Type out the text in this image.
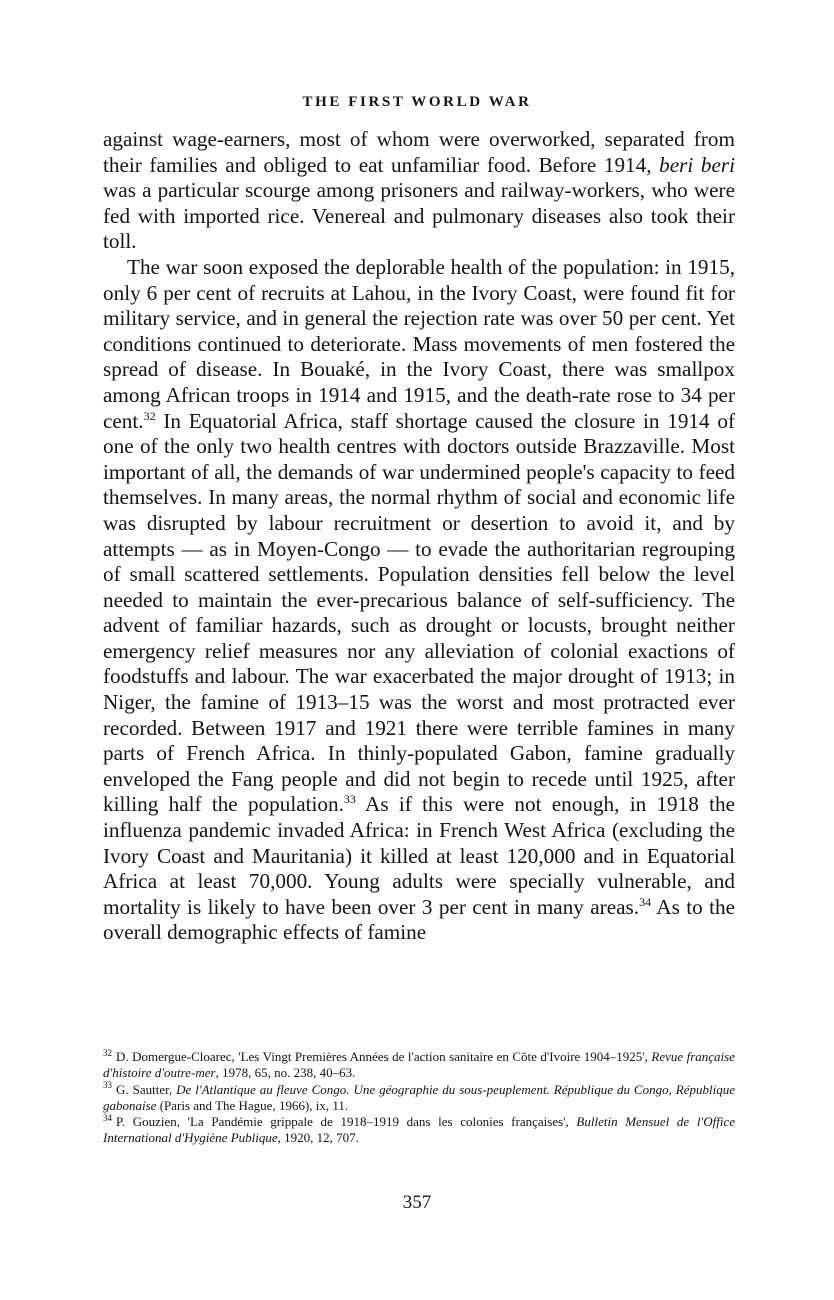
THE FIRST WORLD WAR

against wage-earners, most of whom were overworked, separated from their families and obliged to eat unfamiliar food. Before 1914, beri beri was a particular scourge among prisoners and railway-workers, who were fed with imported rice. Venereal and pulmonary diseases also took their toll.

The war soon exposed the deplorable health of the population: in 1915, only 6 per cent of recruits at Lahou, in the Ivory Coast, were found fit for military service, and in general the rejection rate was over 50 per cent. Yet conditions continued to deteriorate. Mass movements of men fostered the spread of disease. In Bouaké, in the Ivory Coast, there was smallpox among African troops in 1914 and 1915, and the death-rate rose to 34 per cent.$^{32}$ In Equatorial Africa, staff shortage caused the closure in 1914 of one of the only two health centres with doctors outside Brazzaville. Most important of all, the demands of war undermined people's capacity to feed themselves. In many areas, the normal rhythm of social and economic life was disrupted by labour recruitment or desertion to avoid it, and by attempts — as in Moyen-Congo — to evade the authoritarian regrouping of small scattered settlements. Population densities fell below the level needed to maintain the ever-precarious balance of self-sufficiency. The advent of familiar hazards, such as drought or locusts, brought neither emergency relief measures nor any alleviation of colonial exactions of foodstuffs and labour. The war exacerbated the major drought of 1913; in Niger, the famine of 1913–15 was the worst and most protracted ever recorded. Between 1917 and 1921 there were terrible famines in many parts of French Africa. In thinly-populated Gabon, famine gradually enveloped the Fang people and did not begin to recede until 1925, after killing half the population.$^{33}$ As if this were not enough, in 1918 the influenza pandemic invaded Africa: in French West Africa (excluding the Ivory Coast and Mauritania) it killed at least 120,000 and in Equatorial Africa at least 70,000. Young adults were specially vulnerable, and mortality is likely to have been over 3 per cent in many areas.$^{34}$ As to the overall demographic effects of famine

$^{32}$ D. Domergue-Cloarec, 'Les Vingt Premières Années de l'action sanitaire en Côte d'Ivoire 1904–1925', Revue française d'histoire d'outre-mer, 1978, 65, no. 238, 40–63.
$^{33}$ G. Sautter, De l'Atlantique au fleuve Congo. Une géographie du sous-peuplement. République du Congo, République gabonaise (Paris and The Hague, 1966), ix, 11.
$^{34}$ P. Gouzien, 'La Pandémie grippale de 1918–1919 dans les colonies françaises', Bulletin Mensuel de l'Office International d'Hygiène Publique, 1920, 12, 707.
357
